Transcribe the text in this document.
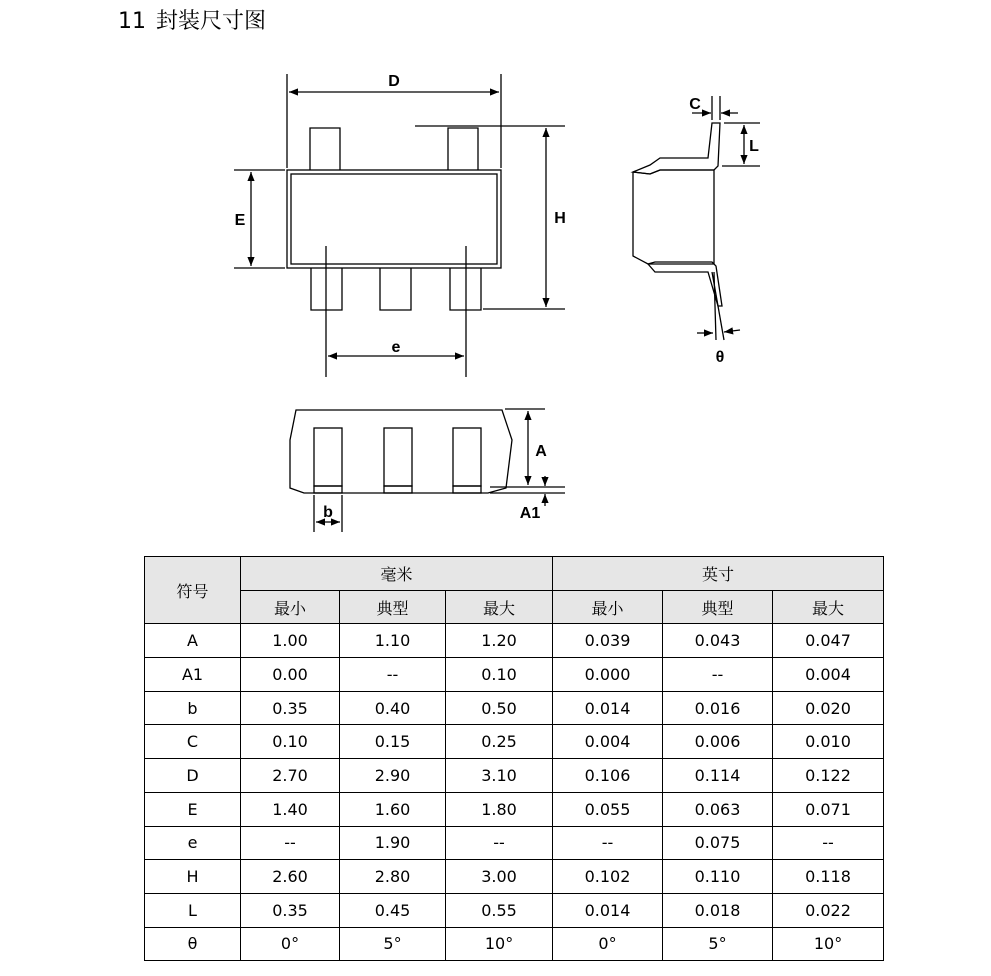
11 封装尺寸图
D
E	H
e
C
L
θ
A
A1
b
符号	毫米			英寸		
	最小	典型	最大	最小	典型	最大
A	1.00	1.10	1.20	0.039	0.043	0.047
A1	0.00	--	0.10	0.000	--	0.004
b	0.35	0.40	0.50	0.014	0.016	0.020
C	0.10	0.15	0.25	0.004	0.006	0.010
D	2.70	2.90	3.10	0.106	0.114	0.122
E	1.40	1.60	1.80	0.055	0.063	0.071
e	--	1.90	--	--	0.075	--
H	2.60	2.80	3.00	0.102	0.110	0.118
L	0.35	0.45	0.55	0.014	0.018	0.022
θ	0°	5°	10°	0°	5°	10°
